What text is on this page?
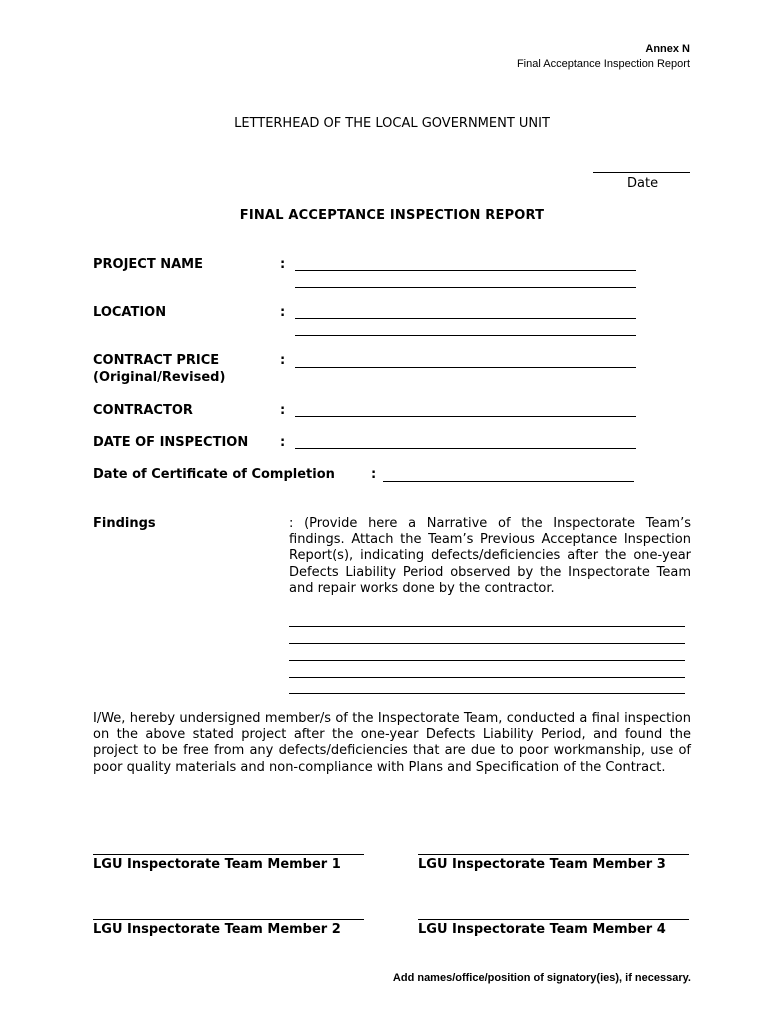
Annex N
Final Acceptance Inspection Report
LETTERHEAD OF THE LOCAL GOVERNMENT UNIT
Date
FINAL ACCEPTANCE INSPECTION REPORT
PROJECT NAME	:
LOCATION	:
CONTRACT PRICE
(Original/Revised)
:
CONTRACTOR	:
DATE OF INSPECTION :
Date of Certificate of Completion	:
Findings	: (Provide here a Narrative of the Inspectorate Team’s findings. Attach the Team’s Previous Acceptance Inspection Report(s), indicating defects/deficiencies after the one-year Defects Liability Period observed by the Inspectorate Team and repair works done by the contractor.
I/We, hereby undersigned member/s of the Inspectorate Team, conducted a final inspection on the above stated project after the one-year Defects Liability Period, and found the project to be free from any defects/deficiencies that are due to poor workmanship, use of poor quality materials and non-compliance with Plans and Specification of the Contract.
LGU Inspectorate Team Member 1	LGU Inspectorate Team Member 3
LGU Inspectorate Team Member 2	LGU Inspectorate Team Member 4
Add names/office/position of signatory(ies), if necessary.
